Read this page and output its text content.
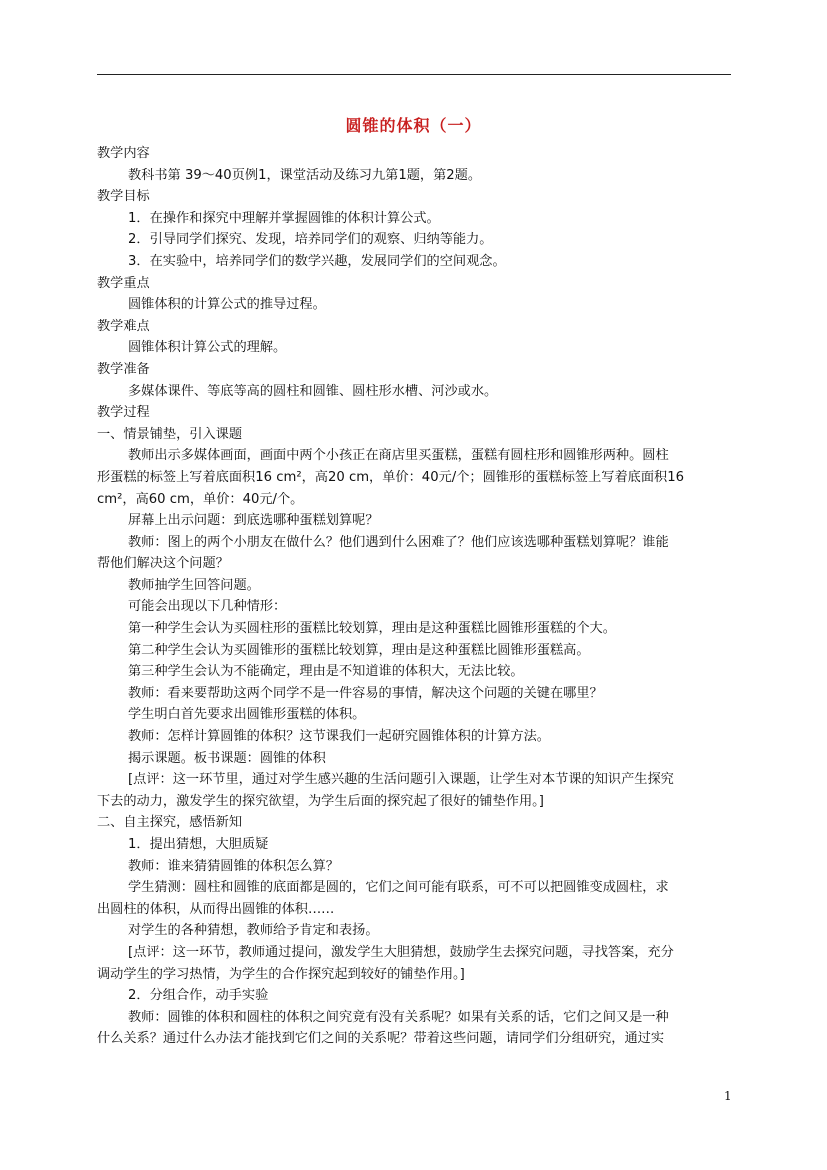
圆锥的体积（一）

教学内容

教科书第 39～40页例1，课堂活动及练习九第1题，第2题。

教学目标

1．在操作和探究中理解并掌握圆锥的体积计算公式。

2．引导同学们探究、发现，培养同学们的观察、归纳等能力。

3．在实验中，培养同学们的数学兴趣，发展同学们的空间观念。

教学重点

圆锥体积的计算公式的推导过程。

教学难点

圆锥体积计算公式的理解。

教学准备

多媒体课件、等底等高的圆柱和圆锥、圆柱形水槽、河沙或水。

教学过程

一、情景铺垫，引入课题

教师出示多媒体画面，画面中两个小孩正在商店里买蛋糕，蛋糕有圆柱形和圆锥形两种。圆柱

形蛋糕的标签上写着底面积16 cm²，高20 cm，单价：40元/个；圆锥形的蛋糕标签上写着底面积16

cm²，高60 cm，单价：40元/个。

屏幕上出示问题：到底选哪种蛋糕划算呢？

教师：图上的两个小朋友在做什么？他们遇到什么困难了？他们应该选哪种蛋糕划算呢？谁能

帮他们解决这个问题？

教师抽学生回答问题。

可能会出现以下几种情形：

第一种学生会认为买圆柱形的蛋糕比较划算，理由是这种蛋糕比圆锥形蛋糕的个大。

第二种学生会认为买圆锥形的蛋糕比较划算，理由是这种蛋糕比圆锥形蛋糕高。

第三种学生会认为不能确定，理由是不知道谁的体积大，无法比较。

教师：看来要帮助这两个同学不是一件容易的事情，解决这个问题的关键在哪里？

学生明白首先要求出圆锥形蛋糕的体积。

教师：怎样计算圆锥的体积？这节课我们一起研究圆锥体积的计算方法。

揭示课题。板书课题：圆锥的体积

[点评：这一环节里，通过对学生感兴趣的生活问题引入课题，让学生对本节课的知识产生探究

下去的动力，激发学生的探究欲望，为学生后面的探究起了很好的铺垫作用。]

二、自主探究，感悟新知

1．提出猜想，大胆质疑

教师：谁来猜猜圆锥的体积怎么算？

学生猜测：圆柱和圆锥的底面都是圆的，它们之间可能有联系，可不可以把圆锥变成圆柱，求

出圆柱的体积，从而得出圆锥的体积……

对学生的各种猜想，教师给予肯定和表扬。

[点评：这一环节，教师通过提问，激发学生大胆猜想，鼓励学生去探究问题，寻找答案，充分

调动学生的学习热情，为学生的合作探究起到较好的铺垫作用。]

2．分组合作，动手实验

教师：圆锥的体积和圆柱的体积之间究竟有没有关系呢？如果有关系的话，它们之间又是一种

什么关系？通过什么办法才能找到它们之间的关系呢？带着这些问题，请同学们分组研究，通过实

1
